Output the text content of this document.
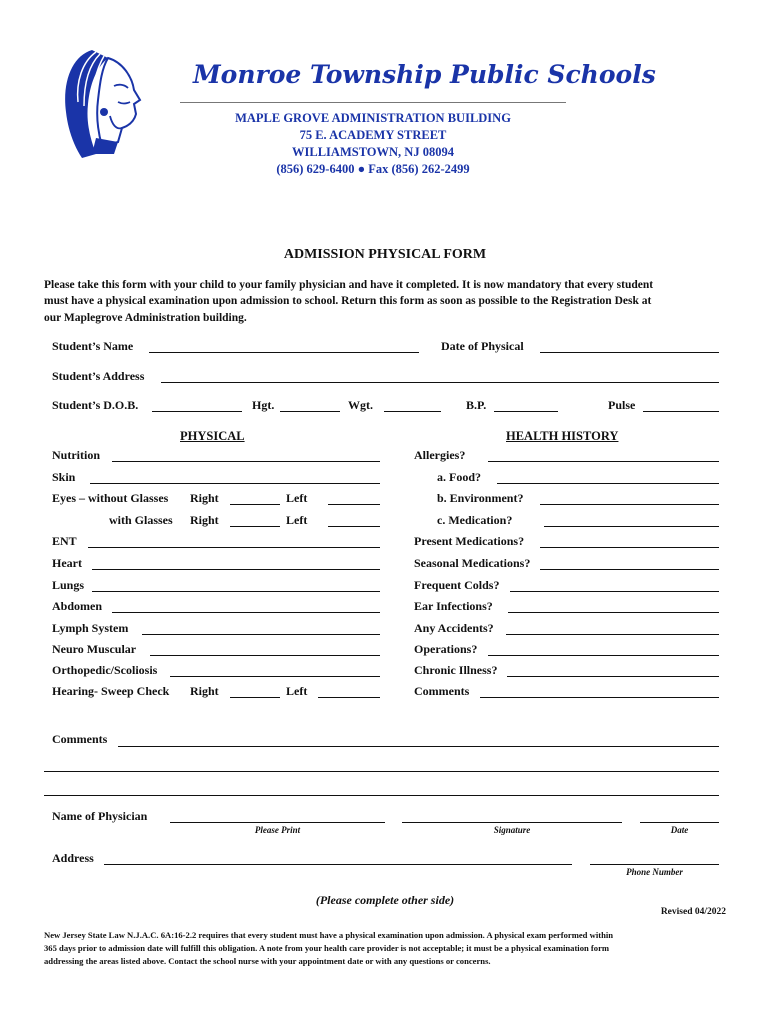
Monroe Township Public Schools
MAPLE GROVE ADMINISTRATION BUILDING
75 E. ACADEMY STREET
WILLIAMSTOWN, NJ 08094
(856) 629-6400 ● Fax (856) 262-2499
ADMISSION PHYSICAL FORM
Please take this form with your child to your family physician and have it completed. It is now mandatory that every student
must have a physical examination upon admission to school. Return this form as soon as possible to the Registration Desk at
our Maplegrove Administration building.
Student’s Name	Date of Physical
Student’s Address
Student’s D.O.B.	Hgt.	Wgt.	B.P.	Pulse
PHYSICAL	HEALTH HISTORY
Nutrition
Skin
Eyes – without Glasses Right	Left
with Glasses Right	Left
ENT
Heart
Lungs
Abdomen
Lymph System
Neuro Muscular
Orthopedic/Scoliosis
Hearing- Sweep Check Right	Left
Allergies?
a. Food?
b. Environment?
c. Medication?
Present Medications?
Seasonal Medications?
Frequent Colds?
Ear Infections?
Any Accidents?
Operations?
Chronic Illness?
Comments
Comments
Name of Physician
Please Print	Signature	Date
Address
Phone Number
(Please complete other side)
Revised 04/2022
New Jersey State Law N.J.A.C. 6A:16-2.2 requires that every student must have a physical examination upon admission. A physical exam performed within
365 days prior to admission date will fulfill this obligation. A note from your health care provider is not acceptable; it must be a physical examination form
addressing the areas listed above. Contact the school nurse with your appointment date or with any questions or concerns.
